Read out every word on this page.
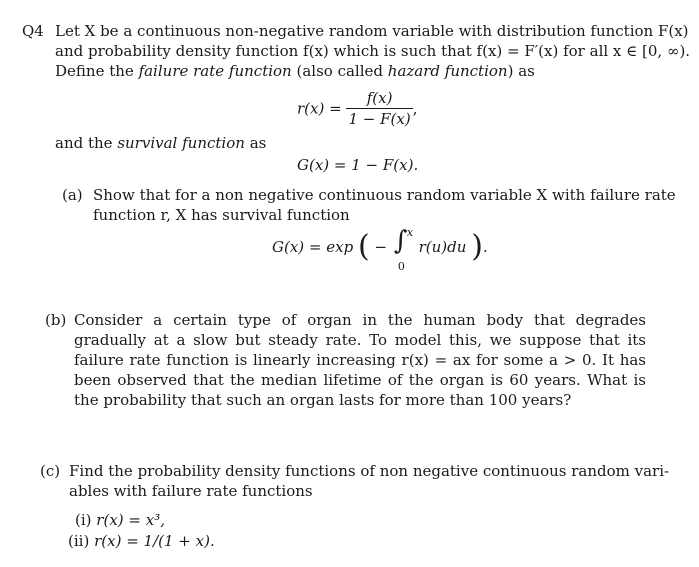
Q4 Let X be a continuous non-negative random variable with distribution function F(x)
and probability density function f(x) which is such that f(x) = F′(x) for all x ∈ [0, ∞).
Define the failure rate function (also called hazard function) as
$r(x) = \frac{f(x)}{1 - F(x)}$ ,
and the survival function as
G(x) = 1 − F(x).
(a) Show that for a non negative continuous random variable X with failure rate
function r, X has survival function
G(x) = exp ( − ∫ x
0
r(u)du ).
(b) Consider a certain type of organ in the human body that degrades gradually at a slow but steady rate. To model this, we suppose that its failure rate function is linearly increasing r(x) = ax for some a > 0. It has been observed that the median lifetime of the organ is 60 years. What is the probability that such an organ lasts for more than 100 years?
(c) Find the probability density functions of non negative continuous random vari-
ables with failure rate functions
(i) r(x) = x³,
(ii) r(x) = 1/(1 + x).
